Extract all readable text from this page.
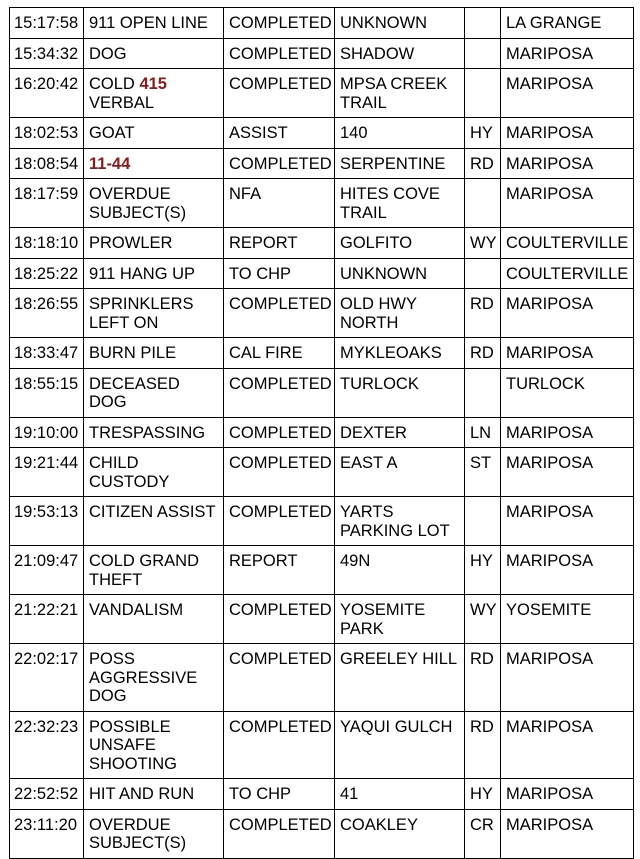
15:17:58	911 OPEN LINE	COMPLETED	UNKNOWN		LA GRANGE
15:34:32	DOG	COMPLETED	SHADOW		MARIPOSA
16:20:42	COLD 415 VERBAL	COMPLETED	MPSA CREEK TRAIL		MARIPOSA
18:02:53	GOAT	ASSIST	140	HY	MARIPOSA
18:08:54	11-44	COMPLETED	SERPENTINE	RD	MARIPOSA
18:17:59	OVERDUE SUBJECT(S)	NFA	HITES COVE TRAIL		MARIPOSA
18:18:10	PROWLER	REPORT	GOLFITO	WY	COULTERVILLE
18:25:22	911 HANG UP	TO CHP	UNKNOWN		COULTERVILLE
18:26:55	SPRINKLERS LEFT ON	COMPLETED	OLD HWY NORTH	RD	MARIPOSA
18:33:47	BURN PILE	CAL FIRE	MYKLEOAKS	RD	MARIPOSA
18:55:15	DECEASED DOG	COMPLETED	TURLOCK		TURLOCK
19:10:00	TRESPASSING	COMPLETED	DEXTER	LN	MARIPOSA
19:21:44	CHILD CUSTODY	COMPLETED	EAST A	ST	MARIPOSA
19:53:13	CITIZEN ASSIST	COMPLETED	YARTS PARKING LOT		MARIPOSA
21:09:47	COLD GRAND THEFT	REPORT	49N	HY	MARIPOSA
21:22:21	VANDALISM	COMPLETED	YOSEMITE PARK	WY	YOSEMITE
22:02:17	POSS AGGRESSIVE DOG	COMPLETED	GREELEY HILL	RD	MARIPOSA
22:32:23	POSSIBLE UNSAFE SHOOTING	COMPLETED	YAQUI GULCH	RD	MARIPOSA
22:52:52	HIT AND RUN	TO CHP	41	HY	MARIPOSA
23:11:20	OVERDUE SUBJECT(S)	COMPLETED	COAKLEY	CR	MARIPOSA
